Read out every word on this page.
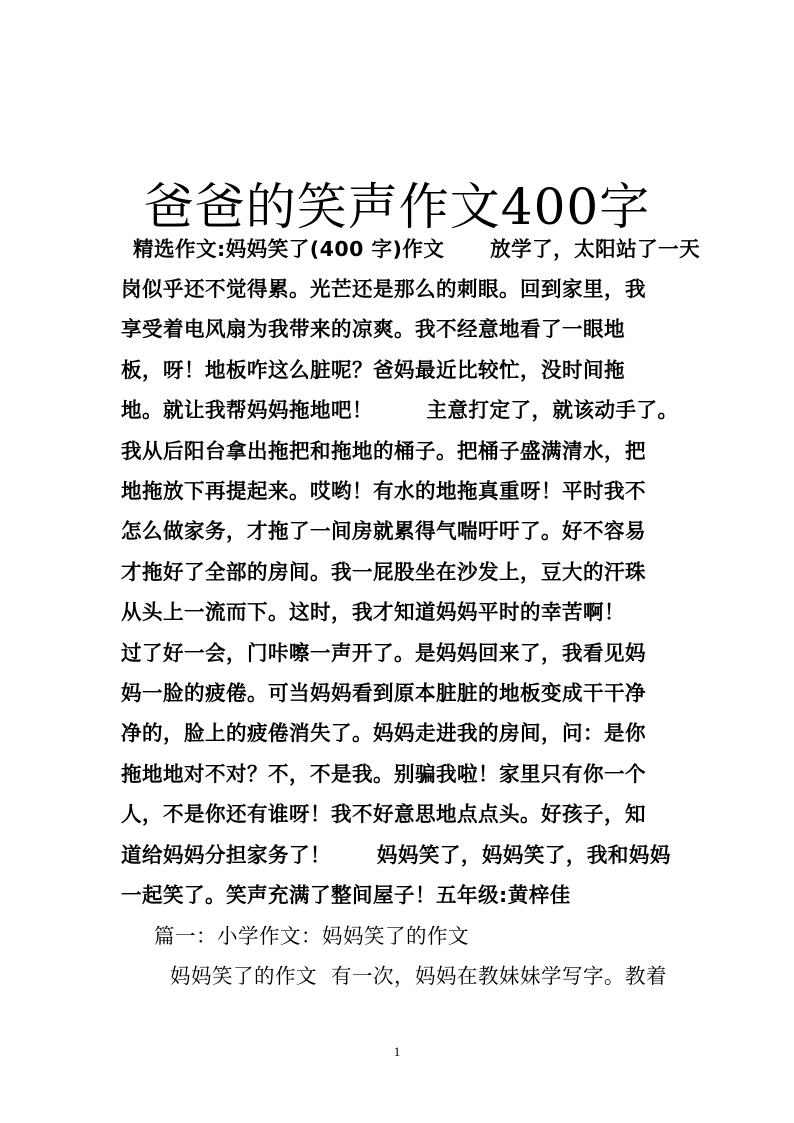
爸爸的笑声作文400字
精选作文:妈妈笑了(400 字)作文      放学了，太阳站了一天
岗似乎还不觉得累。光芒还是那么的刺眼。回到家里，我
享受着电风扇为我带来的凉爽。我不经意地看了一眼地
板，呀！地板咋这么脏呢？爸妈最近比较忙，没时间拖
地。就让我帮妈妈拖地吧！       主意打定了，就该动手了。
我从后阳台拿出拖把和拖地的桶子。把桶子盛满清水，把
地拖放下再提起来。哎哟！有水的地拖真重呀！平时我不
怎么做家务，才拖了一间房就累得气喘吁吁了。好不容易
才拖好了全部的房间。我一屁股坐在沙发上，豆大的汗珠
从头上一流而下。这时，我才知道妈妈平时的幸苦啊！
过了好一会，门咔嚓一声开了。是妈妈回来了，我看见妈
妈一脸的疲倦。可当妈妈看到原本脏脏的地板变成干干净
净的，脸上的疲倦消失了。妈妈走进我的房间，问：是你
拖地地对不对？不，不是我。别骗我啦！家里只有你一个
人，不是你还有谁呀！我不好意思地点点头。好孩子，知
道给妈妈分担家务了！      妈妈笑了，妈妈笑了，我和妈妈
一起笑了。笑声充满了整间屋子！五年级:黄梓佳
篇一：小学作文：妈妈笑了的作文
妈妈笑了的作文  有一次，妈妈在教妹妹学写字。教着
1
